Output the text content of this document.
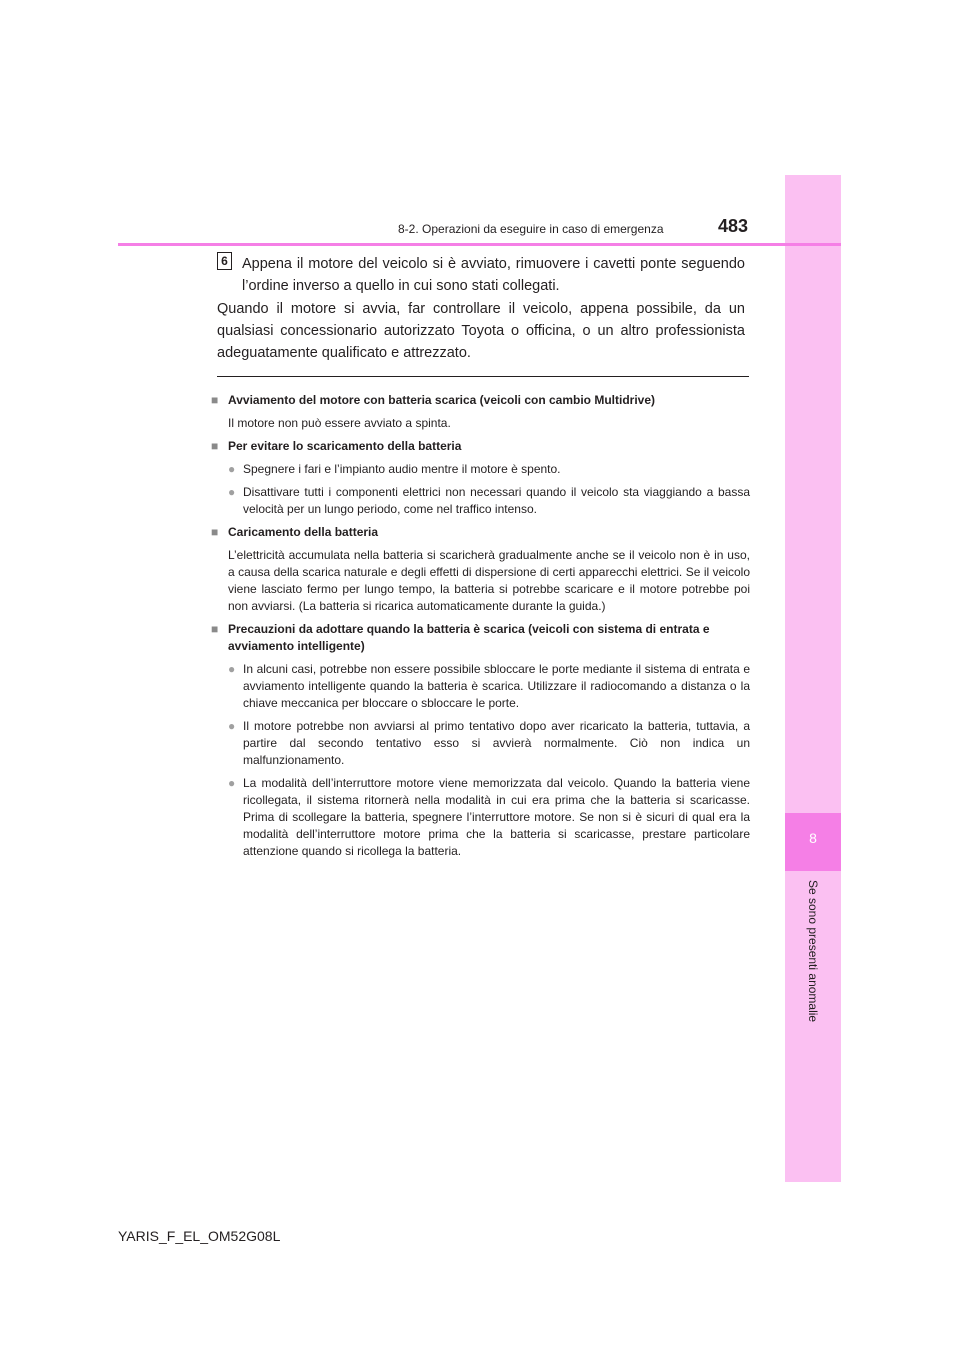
8
Se sono presenti anomalie
8-2. Operazioni da eseguire in caso di emergenza	483
6 Appena il motore del veicolo si è avviato, rimuovere i cavetti ponte seguendo l’ordine inverso a quello in cui sono stati collegati.

Quando il motore si avvia, far controllare il veicolo, appena possibile, da un qualsiasi concessionario autorizzato Toyota o officina, o un altro professionista adeguatamente qualificato e attrezzato.

■ Avviamento del motore con batteria scarica (veicoli con cambio Multidrive)
Il motore non può essere avviato a spinta.
■ Per evitare lo scaricamento della batteria
● Spegnere i fari e l’impianto audio mentre il motore è spento.
● Disattivare tutti i componenti elettrici non necessari quando il veicolo sta viaggiando a bassa velocità per un lungo periodo, come nel traffico intenso.
■ Caricamento della batteria
L’elettricità accumulata nella batteria si scaricherà gradualmente anche se il veicolo non è in uso, a causa della scarica naturale e degli effetti di dispersione di certi apparecchi elettrici. Se il veicolo viene lasciato fermo per lungo tempo, la batteria si potrebbe scaricare e il motore potrebbe poi non avviarsi. (La batteria si ricarica automaticamente durante la guida.)
■ Precauzioni da adottare quando la batteria è scarica (veicoli con sistema di entrata e avviamento intelligente)
● In alcuni casi, potrebbe non essere possibile sbloccare le porte mediante il sistema di entrata e avviamento intelligente quando la batteria è scarica. Utilizzare il radiocomando a distanza o la chiave meccanica per bloccare o sbloccare le porte.
● Il motore potrebbe non avviarsi al primo tentativo dopo aver ricaricato la batteria, tuttavia, a partire dal secondo tentativo esso si avvierà normalmente. Ciò non indica un malfunzionamento.
● La modalità dell’interruttore motore viene memorizzata dal veicolo. Quando la batteria viene ricollegata, il sistema ritornerà nella modalità in cui era prima che la batteria si scaricasse. Prima di scollegare la batteria, spegnere l’interruttore motore. Se non si è sicuri di qual era la modalità dell’interruttore motore prima che la batteria si scaricasse, prestare particolare attenzione quando si ricollega la batteria.
YARIS_F_EL_OM52G08L
